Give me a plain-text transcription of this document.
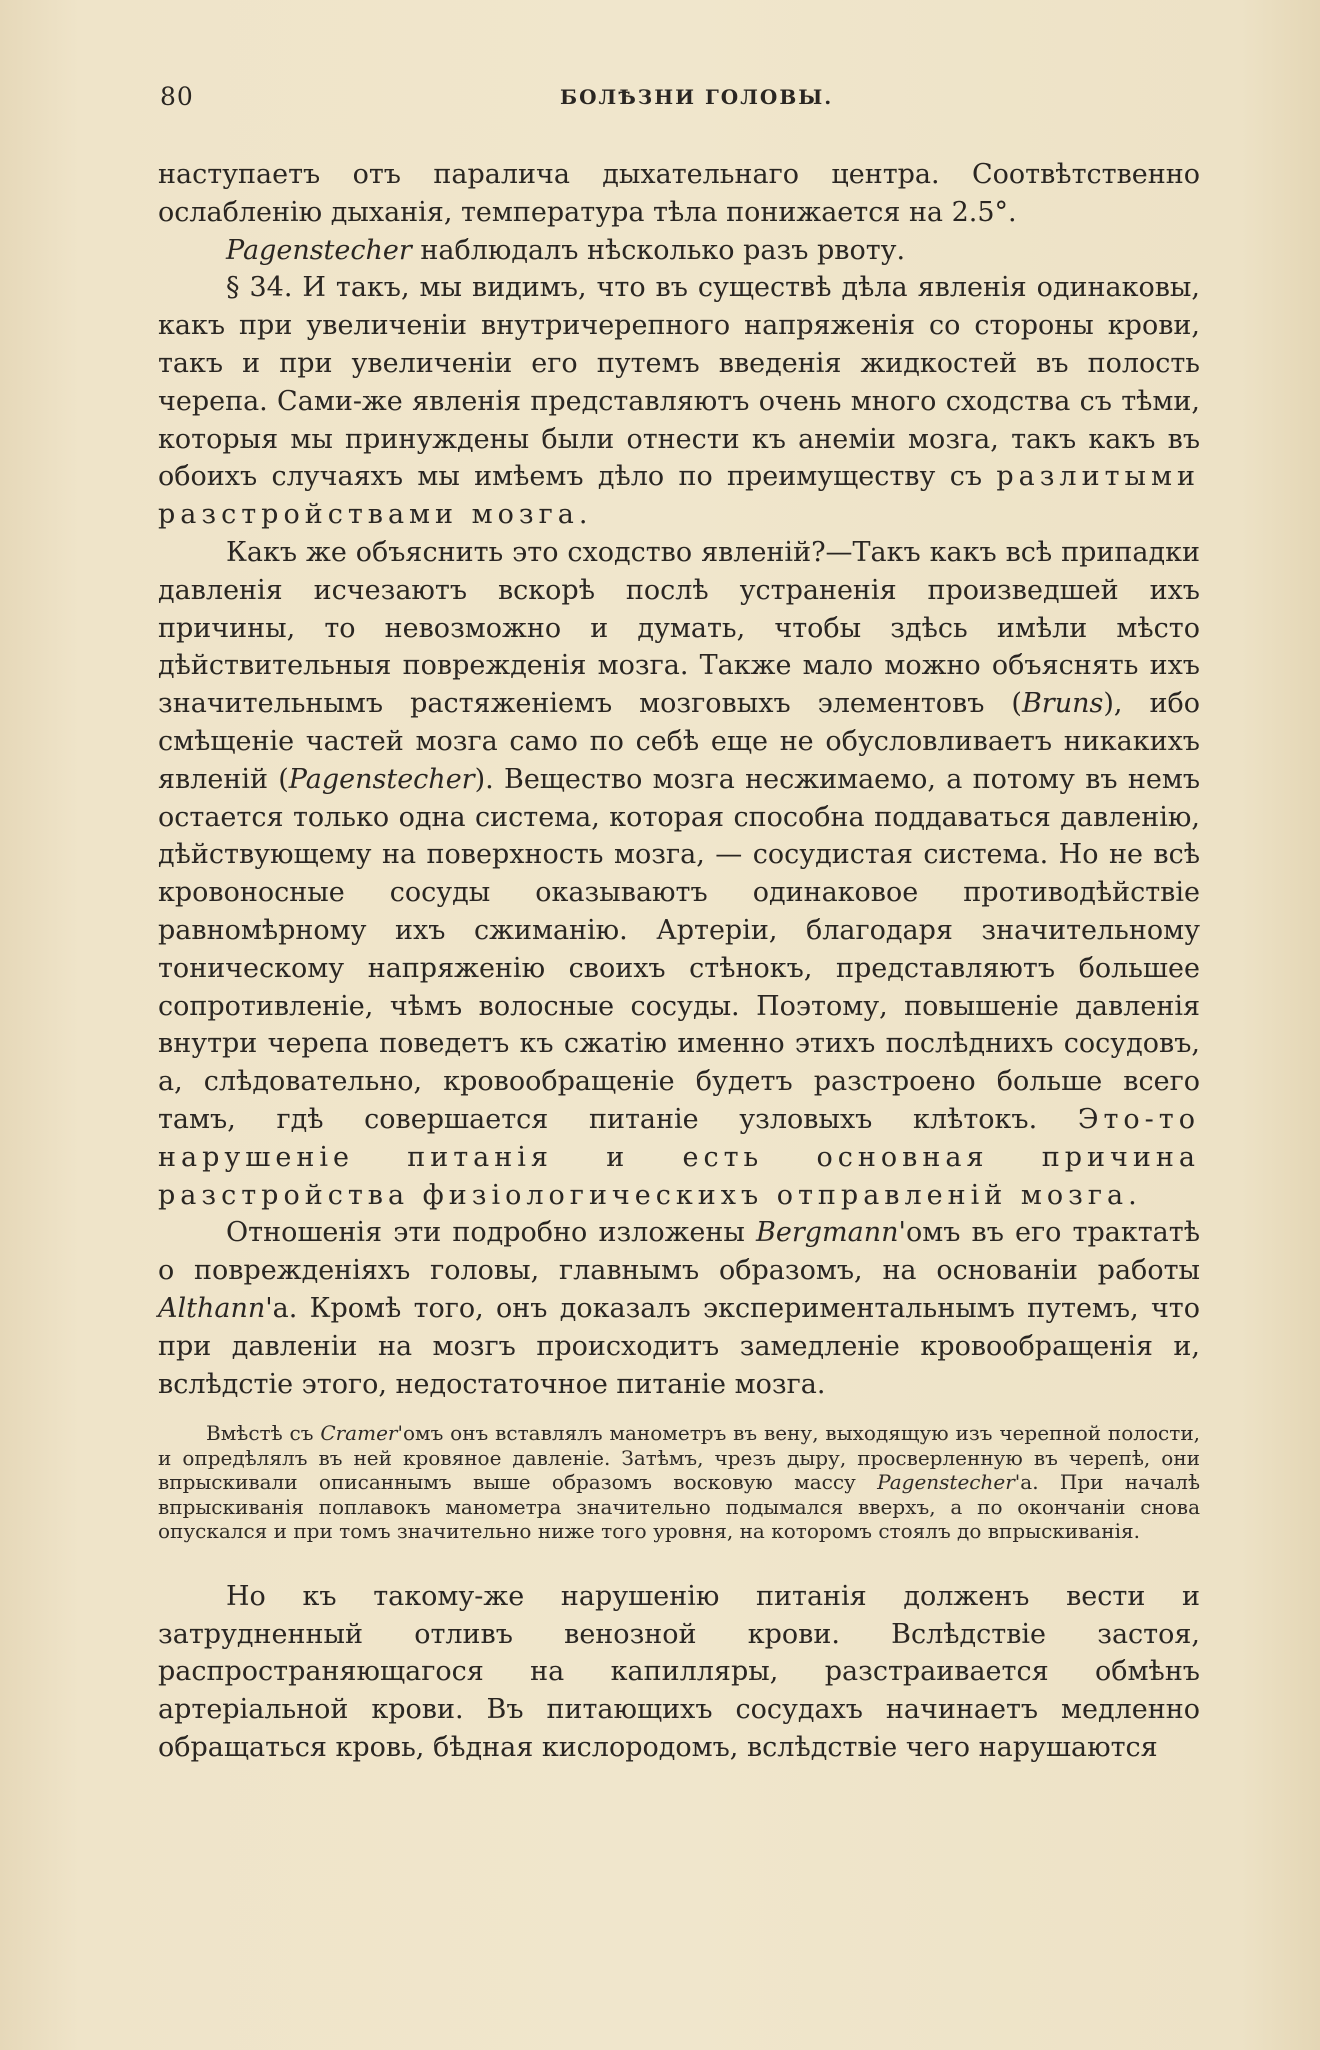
80	БОЛѢЗНИ ГОЛОВЫ.

наступаетъ отъ паралича дыхательнаго центра. Соотвѣтственно ослабленію дыханія, температура тѣла понижается на 2.5°.

Pagenstecher наблюдалъ нѣсколько разъ рвоту.

§ 34. И такъ, мы видимъ, что въ существѣ дѣла явленія одинаковы, какъ при увеличеніи внутричерепного напряженія со стороны крови, такъ и при увеличеніи его путемъ введенія жидкостей въ полость черепа. Сами-же явленія представляютъ очень много сходства съ тѣми, которыя мы принуждены были отнести къ анеміи мозга, такъ какъ въ обоихъ случаяхъ мы имѣемъ дѣло по преимуществу съ разлитыми разстройствами мозга.

Какъ же объяснить это сходство явленій?—Такъ какъ всѣ припадки давленія исчезаютъ вскорѣ послѣ устраненія произведшей ихъ причины, то невозможно и думать, чтобы здѣсь имѣли мѣсто дѣйствительныя поврежденія мозга. Также мало можно объяснять ихъ значительнымъ растяженіемъ мозговыхъ элементовъ (Bruns), ибо смѣщеніе частей мозга само по себѣ еще не обусловливаетъ никакихъ явленій (Pagenstecher). Вещество мозга несжимаемо, а потому въ немъ остается только одна система, которая способна поддаваться давленію, дѣйствующему на поверхность мозга, — сосудистая система. Но не всѣ кровоносные сосуды оказываютъ одинаковое противодѣйствіе равномѣрному ихъ сжиманію. Артеріи, благодаря значительному тоническому напряженію своихъ стѣнокъ, представляютъ большее сопротивленіе, чѣмъ волосные сосуды. Поэтому, повышеніе давленія внутри черепа поведетъ къ сжатію именно этихъ послѣднихъ сосудовъ, а, слѣдовательно, кровообращеніе будетъ разстроено больше всего тамъ, гдѣ совершается питаніе узловыхъ клѣтокъ. Это-то нарушеніе питанія и есть основная причина разстройства физіологическихъ отправленій мозга.

Отношенія эти подробно изложены Bergmann'омъ въ его трактатѣ о поврежденіяхъ головы, главнымъ образомъ, на основаніи работы Althann'а. Кромѣ того, онъ доказалъ экспериментальнымъ путемъ, что при давленіи на мозгъ происходитъ замедленіе кровообращенія и, вслѣдстіе этого, недостаточное питаніе мозга.

Вмѣстѣ съ Cramer'омъ онъ вставлялъ манометръ въ вену, выходящую изъ черепной полости, и опредѣлялъ въ ней кровяное давленіе. Затѣмъ, чрезъ дыру, просверленную въ черепѣ, они впрыскивали описаннымъ выше образомъ восковую массу Pagenstecher'а. При началѣ впрыскиванія поплавокъ манометра значительно подымался вверхъ, а по окончаніи снова опускался и при томъ значительно ниже того уровня, на которомъ стоялъ до впрыскиванія.

Но къ такому-же нарушенію питанія долженъ вести и затрудненный отливъ венозной крови. Вслѣдствіе застоя, распространяющагося на капилляры, разстраивается обмѣнъ артеріальной крови. Въ питающихъ сосудахъ начинаетъ медленно обращаться кровь, бѣдная кислородомъ, вслѣдствіе чего нарушаются
